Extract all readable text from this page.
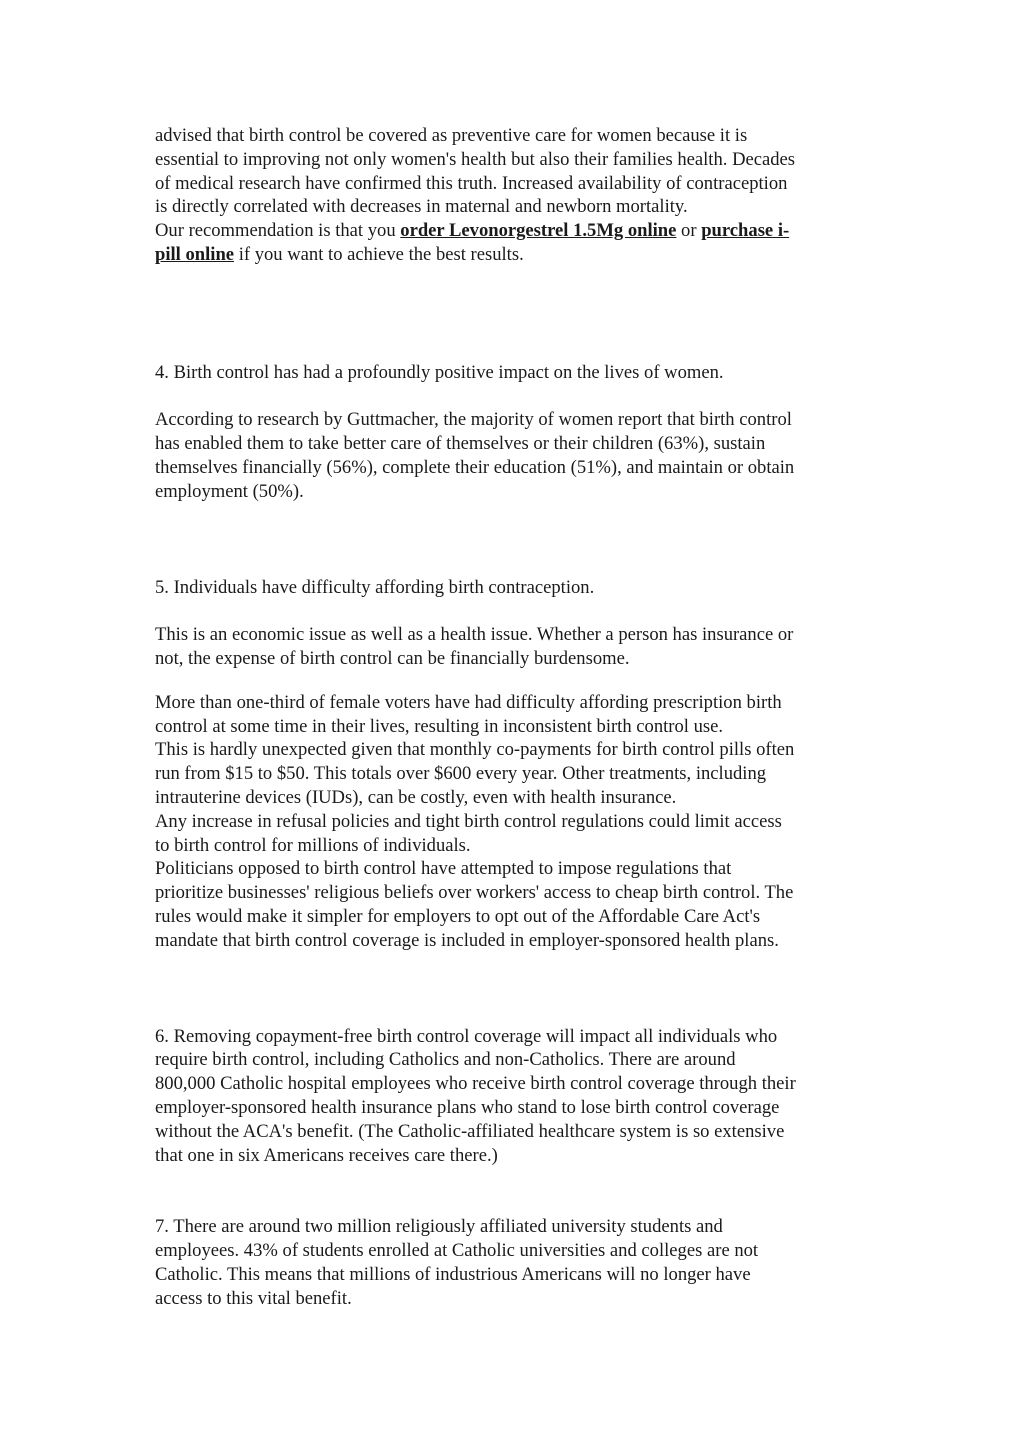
advised that birth control be covered as preventive care for women because it is
essential to improving not only women's health but also their families health. Decades
of medical research have confirmed this truth. Increased availability of contraception
is directly correlated with decreases in maternal and newborn mortality.
Our recommendation is that you order Levonorgestrel 1.5Mg online or purchase i-
pill online if you want to achieve the best results.

4. Birth control has had a profoundly positive impact on the lives of women.

According to research by Guttmacher, the majority of women report that birth control
has enabled them to take better care of themselves or their children (63%), sustain
themselves financially (56%), complete their education (51%), and maintain or obtain
employment (50%).

5. Individuals have difficulty affording birth contraception.

This is an economic issue as well as a health issue. Whether a person has insurance or
not, the expense of birth control can be financially burdensome.

More than one-third of female voters have had difficulty affording prescription birth
control at some time in their lives, resulting in inconsistent birth control use.
This is hardly unexpected given that monthly co-payments for birth control pills often
run from $15 to $50. This totals over $600 every year. Other treatments, including
intrauterine devices (IUDs), can be costly, even with health insurance.
Any increase in refusal policies and tight birth control regulations could limit access
to birth control for millions of individuals.
Politicians opposed to birth control have attempted to impose regulations that
prioritize businesses' religious beliefs over workers' access to cheap birth control. The
rules would make it simpler for employers to opt out of the Affordable Care Act's
mandate that birth control coverage is included in employer-sponsored health plans.

6. Removing copayment-free birth control coverage will impact all individuals who
require birth control, including Catholics and non-Catholics. There are around
800,000 Catholic hospital employees who receive birth control coverage through their
employer-sponsored health insurance plans who stand to lose birth control coverage
without the ACA's benefit. (The Catholic-affiliated healthcare system is so extensive
that one in six Americans receives care there.)

7. There are around two million religiously affiliated university students and
employees. 43% of students enrolled at Catholic universities and colleges are not
Catholic. This means that millions of industrious Americans will no longer have
access to this vital benefit.
